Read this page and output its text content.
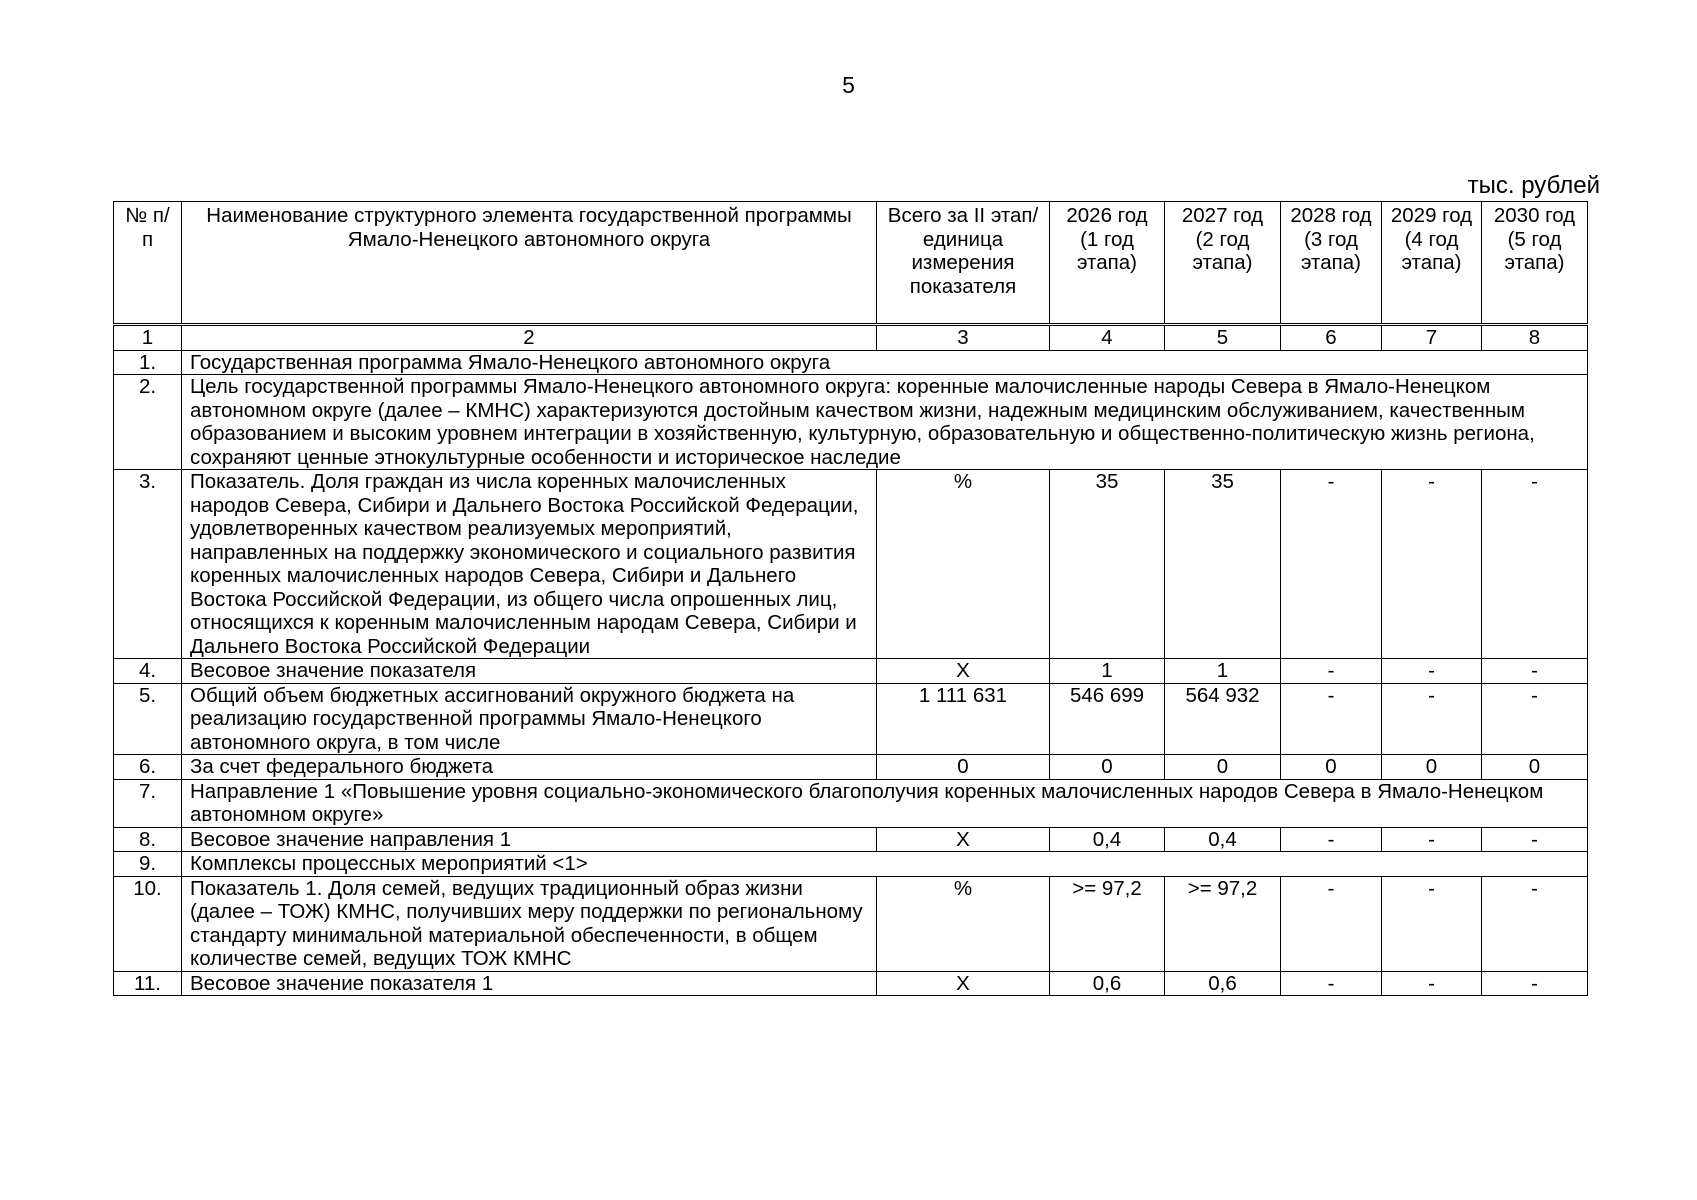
5
тыс. рублей
№ п/п	Наименование структурного элемента государственной программы Ямало-Ненецкого автономного округа	Всего за II этап/ единица измерения показателя	2026 год (1 год этапа)	2027 год (2 год этапа)	2028 год (3 год этапа)	2029 год (4 год этапа)	2030 год (5 год этапа)
1	2	3	4	5	6	7	8
1.	Государственная программа Ямало-Ненецкого автономного округа						
2.	Цель государственной программы Ямало-Ненецкого автономного округа: коренные малочисленные народы Севера в Ямало-Ненецком автономном округе (далее – КМНС) характеризуются достойным качеством жизни, надежным медицинским обслуживанием, качественным образованием и высоким уровнем интеграции в хозяйственную, культурную, образовательную и общественно-политическую жизнь региона, сохраняют ценные этнокультурные особенности и историческое наследие						
3.	Показатель. Доля граждан из числа коренных малочисленных народов Севера, Сибири и Дальнего Востока Российской Федерации, удовлетворенных качеством реализуемых мероприятий, направленных на поддержку экономического и социального развития коренных малочисленных народов Севера, Сибири и Дальнего Востока Российской Федерации, из общего числа опрошенных лиц, относящихся к коренным малочисленным народам Севера, Сибири и Дальнего Востока Российской Федерации	%	35	35	-	-	-
4.	Весовое значение показателя	Х	1	1	-	-	-
5.	Общий объем бюджетных ассигнований окружного бюджета на реализацию государственной программы Ямало-Ненецкого автономного округа, в том числе	1 111 631	546 699	564 932	-	-	-
6.	За счет федерального бюджета	0	0	0	0	0	0
7.	Направление 1 «Повышение уровня социально-экономического благополучия коренных малочисленных народов Севера в Ямало-Ненецком автономном округе»						
8.	Весовое значение направления 1	Х	0,4	0,4	-	-	-
9.	Комплексы процессных мероприятий <1>						
10.	Показатель 1. Доля семей, ведущих традиционный образ жизни (далее – ТОЖ) КМНС, получивших меру поддержки по региональному стандарту минимальной материальной обеспеченности, в общем количестве семей, ведущих ТОЖ КМНС	%	>= 97,2	>= 97,2	-	-	-
11.	Весовое значение показателя 1	Х	0,6	0,6	-	-	-
